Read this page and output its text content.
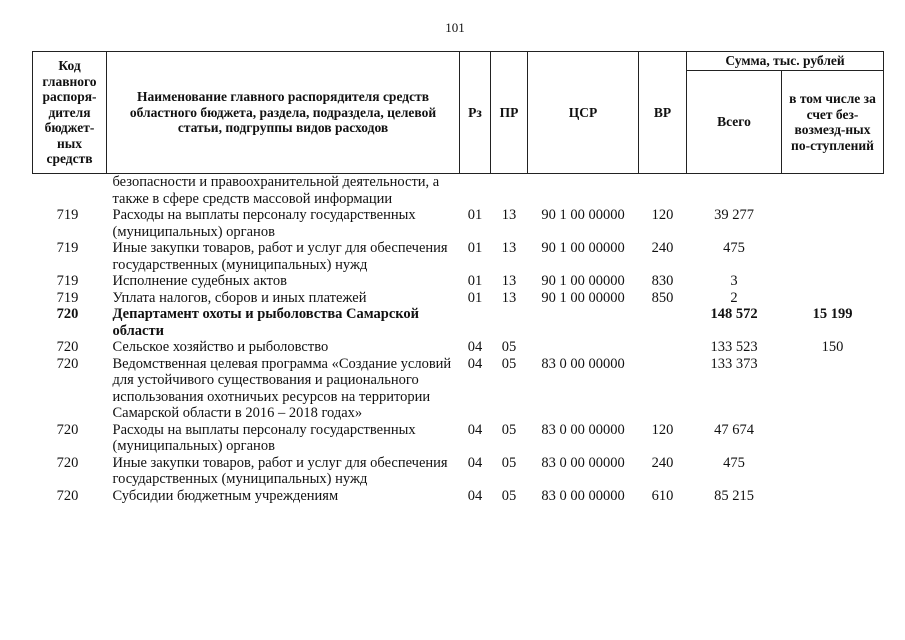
101
Код главного распоря-дителя бюджет-ных средств	Наименование главного распорядителя средств областного бюджета, раздела, подраздела, целевой статьи, подгруппы видов расходов	Рз	ПР	ЦСР	ВР	Сумма, тыс. рублей	
						Всего	в том числе за счет без-возмезд-ных по-ступлений
	безопасности и правоохранительной деятельности, а также в сфере средств массовой информации						
719	Расходы на выплаты персоналу государственных (муниципальных) органов	01	13	90 1 00 00000	120	39 277	
719	Иные закупки товаров, работ и услуг для обеспечения государственных (муниципальных) нужд	01	13	90 1 00 00000	240	475	
719	Исполнение судебных актов	01	13	90 1 00 00000	830	3	
719	Уплата налогов, сборов и иных платежей	01	13	90 1 00 00000	850	2	
720	Департамент охоты и рыболовства Самарской области					148 572	15 199
720	Сельское хозяйство и рыболовство	04	05			133 523	150
720	Ведомственная целевая программа «Создание условий для устойчивого существования и рационального использования охотничьих ресурсов на территории Самарской области в 2016 – 2018 годах»	04	05	83 0 00 00000		133 373	
720	Расходы на выплаты персоналу государственных (муниципальных) органов	04	05	83 0 00 00000	120	47 674	
720	Иные закупки товаров, работ и услуг для обеспечения государственных (муниципальных) нужд	04	05	83 0 00 00000	240	475	
720	Субсидии бюджетным учреждениям	04	05	83 0 00 00000	610	85 215	
